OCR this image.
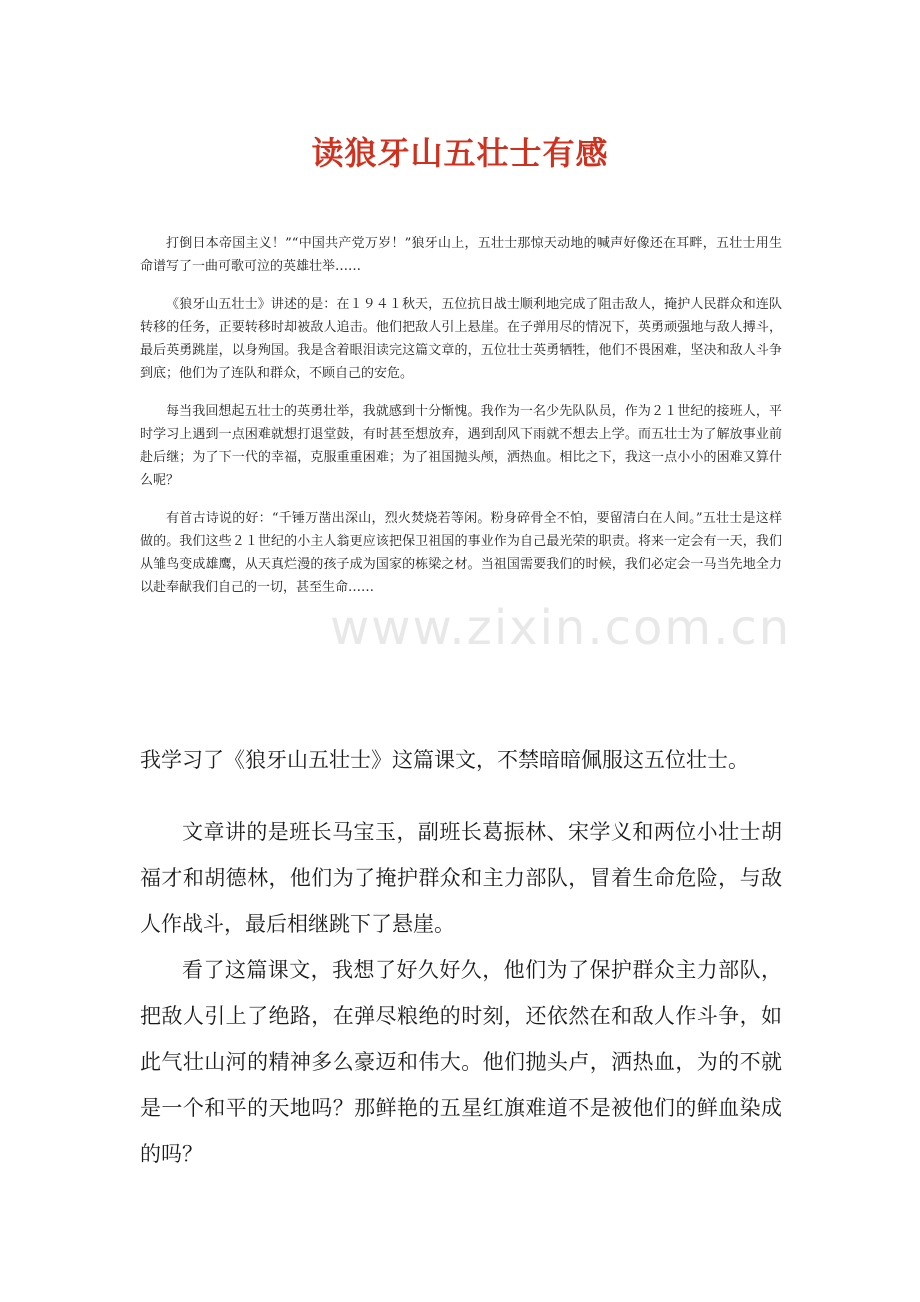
读狼牙山五壮士有感

打倒日本帝国主义！”“中国共产党万岁！”狼牙山上，五壮士那惊天动地的喊声好像还在耳畔，五壮士用生命谱写了一曲可歌可泣的英雄壮举……

《狼牙山五壮士》讲述的是：在１９４１秋天，五位抗日战士顺利地完成了阻击敌人，掩护人民群众和连队转移的任务，正要转移时却被敌人追击。他们把敌人引上悬崖。在子弹用尽的情况下，英勇顽强地与敌人搏斗，最后英勇跳崖，以身殉国。我是含着眼泪读完这篇文章的，五位壮士英勇牺牲，他们不畏困难，坚决和敌人斗争到底；他们为了连队和群众，不顾自己的安危。

每当我回想起五壮士的英勇壮举，我就感到十分惭愧。我作为一名少先队队员，作为２１世纪的接班人，平时学习上遇到一点困难就想打退堂鼓，有时甚至想放弃，遇到刮风下雨就不想去上学。而五壮士为了解放事业前赴后继；为了下一代的幸福，克服重重困难；为了祖国抛头颅，洒热血。相比之下，我这一点小小的困难又算什么呢？

有首古诗说的好：“千锤万凿出深山，烈火焚烧若等闲。粉身碎骨全不怕，要留清白在人间。”五壮士是这样做的。我们这些２１世纪的小主人翁更应该把保卫祖国的事业作为自己最光荣的职责。将来一定会有一天，我们从雏鸟变成雄鹰，从天真烂漫的孩子成为国家的栋梁之材。当祖国需要我们的时候，我们必定会一马当先地全力以赴奉献我们自己的一切，甚至生命……

www.zixin.com.cn

我学习了《狼牙山五壮士》这篇课文，不禁暗暗佩服这五位壮士。

文章讲的是班长马宝玉，副班长葛振林、宋学义和两位小壮士胡福才和胡德林，他们为了掩护群众和主力部队，冒着生命危险，与敌人作战斗，最后相继跳下了悬崖。

看了这篇课文，我想了好久好久，他们为了保护群众主力部队，把敌人引上了绝路，在弹尽粮绝的时刻，还依然在和敌人作斗争，如此气壮山河的精神多么豪迈和伟大。他们抛头卢，洒热血，为的不就是一个和平的天地吗？那鲜艳的五星红旗难道不是被他们的鲜血染成的吗？
